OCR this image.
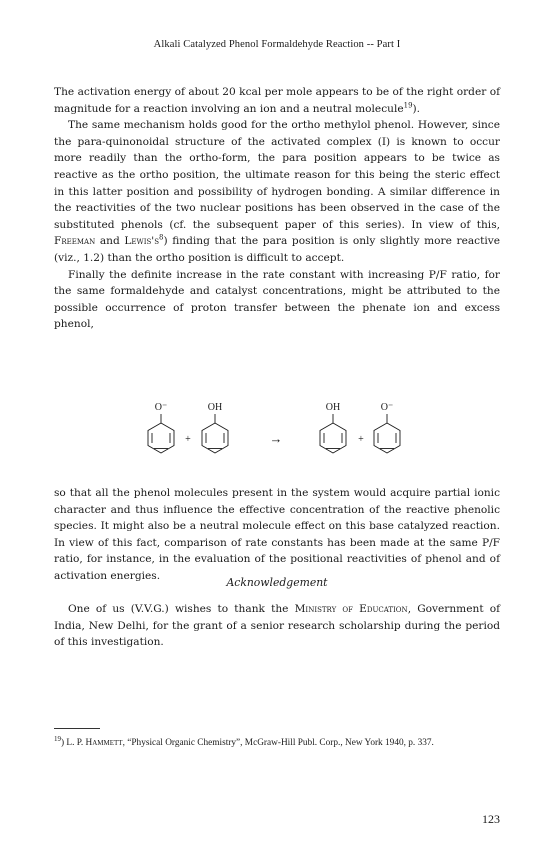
Alkali Catalyzed Phenol Formaldehyde Reaction -- Part I

The activation energy of about 20 kcal per mole appears to be of the right order of magnitude for a reaction involving an ion and a neutral molecule$^{19}$).

The same mechanism holds good for the ortho methylol phenol. However, since the para-quinonoidal structure of the activated complex (I) is known to occur more readily than the ortho-form, the para position appears to be twice as reactive as the ortho position, the ultimate reason for this being the steric effect in this latter position and possibility of hydrogen bonding. A similar difference in the reactivities of the two nuclear positions has been observed in the case of the substituted phenols (cf. the subsequent paper of this series). In view of this, Freeman and $Lewis's^8$) finding that the para position is only slightly more reactive (viz., 1.2) than the ortho position is difficult to accept.

Finally the definite increase in the rate constant with increasing P/F ratio, for the same formaldehyde and catalyst concentrations, might be attributed to the possible occurrence of proton transfer between the phenate ion and excess phenol,

O⁻
+
OH
→
OH
+
O⁻

so that all the phenol molecules present in the system would acquire partial ionic character and thus influence the effective concentration of the reactive phenolic species. It might also be a neutral molecule effect on this base catalyzed reaction. In view of this fact, comparison of rate constants has been made at the same P/F ratio, for instance, in the evaluation of the positional reactivities of phenol and of activation energies.

Acknowledgement

One of us (V.V.G.) wishes to thank the Ministry of Education, Government of India, New Delhi, for the grant of a senior research scholarship during the period of this investigation.

$^{19}$) L. P. Hammett, “Physical Organic Chemistry”, McGraw-Hill Publ. Corp., New York 1940, p. 337.

123
